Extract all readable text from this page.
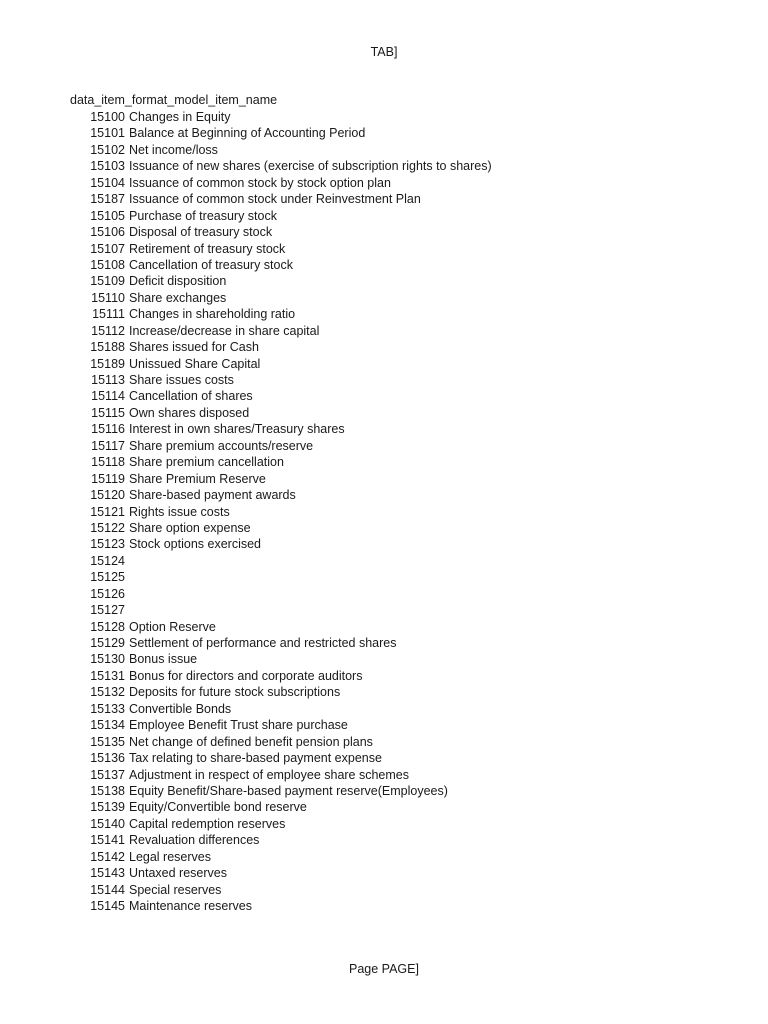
TAB]
data_item_format_model_item_name
15100 Changes in Equity
15101 Balance at Beginning of Accounting Period
15102 Net income/loss
15103 Issuance of new shares (exercise of subscription rights to shares)
15104 Issuance of common stock by stock option plan
15187 Issuance of common stock under Reinvestment Plan
15105 Purchase of treasury stock
15106 Disposal of treasury stock
15107 Retirement of treasury stock
15108 Cancellation of treasury stock
15109 Deficit disposition
15110 Share exchanges
15111 Changes in shareholding ratio
15112 Increase/decrease in share capital
15188 Shares issued for Cash
15189 Unissued Share Capital
15113 Share issues costs
15114 Cancellation of shares
15115 Own shares disposed
15116 Interest in own shares/Treasury shares
15117 Share premium accounts/reserve
15118 Share premium cancellation
15119 Share Premium Reserve
15120 Share-based payment awards
15121 Rights issue costs
15122 Share option expense
15123 Stock options exercised
15124
15125
15126
15127
15128 Option Reserve
15129 Settlement of performance and restricted shares
15130 Bonus issue
15131 Bonus for directors and corporate auditors
15132 Deposits for future stock subscriptions
15133 Convertible Bonds
15134 Employee Benefit Trust share purchase
15135 Net change of defined benefit pension plans
15136 Tax relating to share-based payment expense
15137 Adjustment in respect of employee share schemes
15138 Equity Benefit/Share-based payment reserve(Employees)
15139 Equity/Convertible bond reserve
15140 Capital redemption reserves
15141 Revaluation differences
15142 Legal reserves
15143 Untaxed reserves
15144 Special reserves
15145 Maintenance reserves
Page PAGE]
